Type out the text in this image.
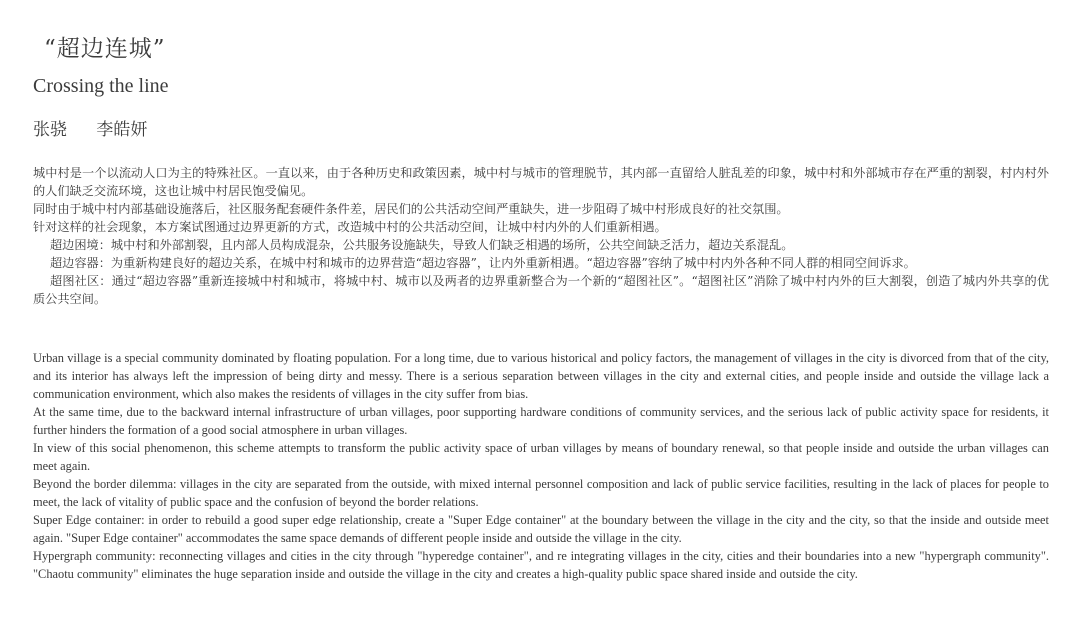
“超边连城”
Crossing the line
张骁 李皓妍

城中村是一个以流动人口为主的特殊社区。一直以来，由于各种历史和政策因素，城中村与城市的管理脱节，其内部一直留给人脏乱差的印象，城中村和外部城市存在严重的割裂，村内村外的人们缺乏交流环境，这也让城中村居民饱受偏见。

同时由于城中村内部基础设施落后，社区服务配套硬件条件差，居民们的公共活动空间严重缺失，进一步阻碍了城中村形成良好的社交氛围。

针对这样的社会现象，本方案试图通过边界更新的方式，改造城中村的公共活动空间，让城中村内外的人们重新相遇。

超边困境：城中村和外部割裂，且内部人员构成混杂，公共服务设施缺失，导致人们缺乏相遇的场所，公共空间缺乏活力，超边关系混乱。

超边容器：为重新构建良好的超边关系，在城中村和城市的边界营造“超边容器”，让内外重新相遇。“超边容器”容纳了城中村内外各种不同人群的相同空间诉求。

超图社区：通过“超边容器”重新连接城中村和城市，将城中村、城市以及两者的边界重新整合为一个新的“超图社区”。“超图社区”消除了城中村内外的巨大割裂，创造了城内外共享的优质公共空间。

Urban village is a special community dominated by floating population. For a long time, due to various historical and policy factors, the management of villages in the city is divorced from that of the city, and its interior has always left the impression of being dirty and messy. There is a serious separation between villages in the city and external cities, and people inside and outside the village lack a communication environment, which also makes the residents of villages in the city suffer from bias.

At the same time, due to the backward internal infrastructure of urban villages, poor supporting hardware conditions of community services, and the serious lack of public activity space for residents, it further hinders the formation of a good social atmosphere in urban villages.

In view of this social phenomenon, this scheme attempts to transform the public activity space of urban villages by means of boundary renewal, so that people inside and outside the urban villages can meet again.

Beyond the border dilemma: villages in the city are separated from the outside, with mixed internal personnel composition and lack of public service facilities, resulting in the lack of places for people to meet, the lack of vitality of public space and the confusion of beyond the border relations.

Super Edge container: in order to rebuild a good super edge relationship, create a "Super Edge container" at the boundary between the village in the city and the city, so that the inside and outside meet again. "Super Edge container" accommodates the same space demands of different people inside and outside the village in the city.

Hypergraph community: reconnecting villages and cities in the city through "hyperedge container", and re integrating villages in the city, cities and their boundaries into a new "hypergraph community". "Chaotu community" eliminates the huge separation inside and outside the village in the city and creates a high-quality public space shared inside and outside the city.
